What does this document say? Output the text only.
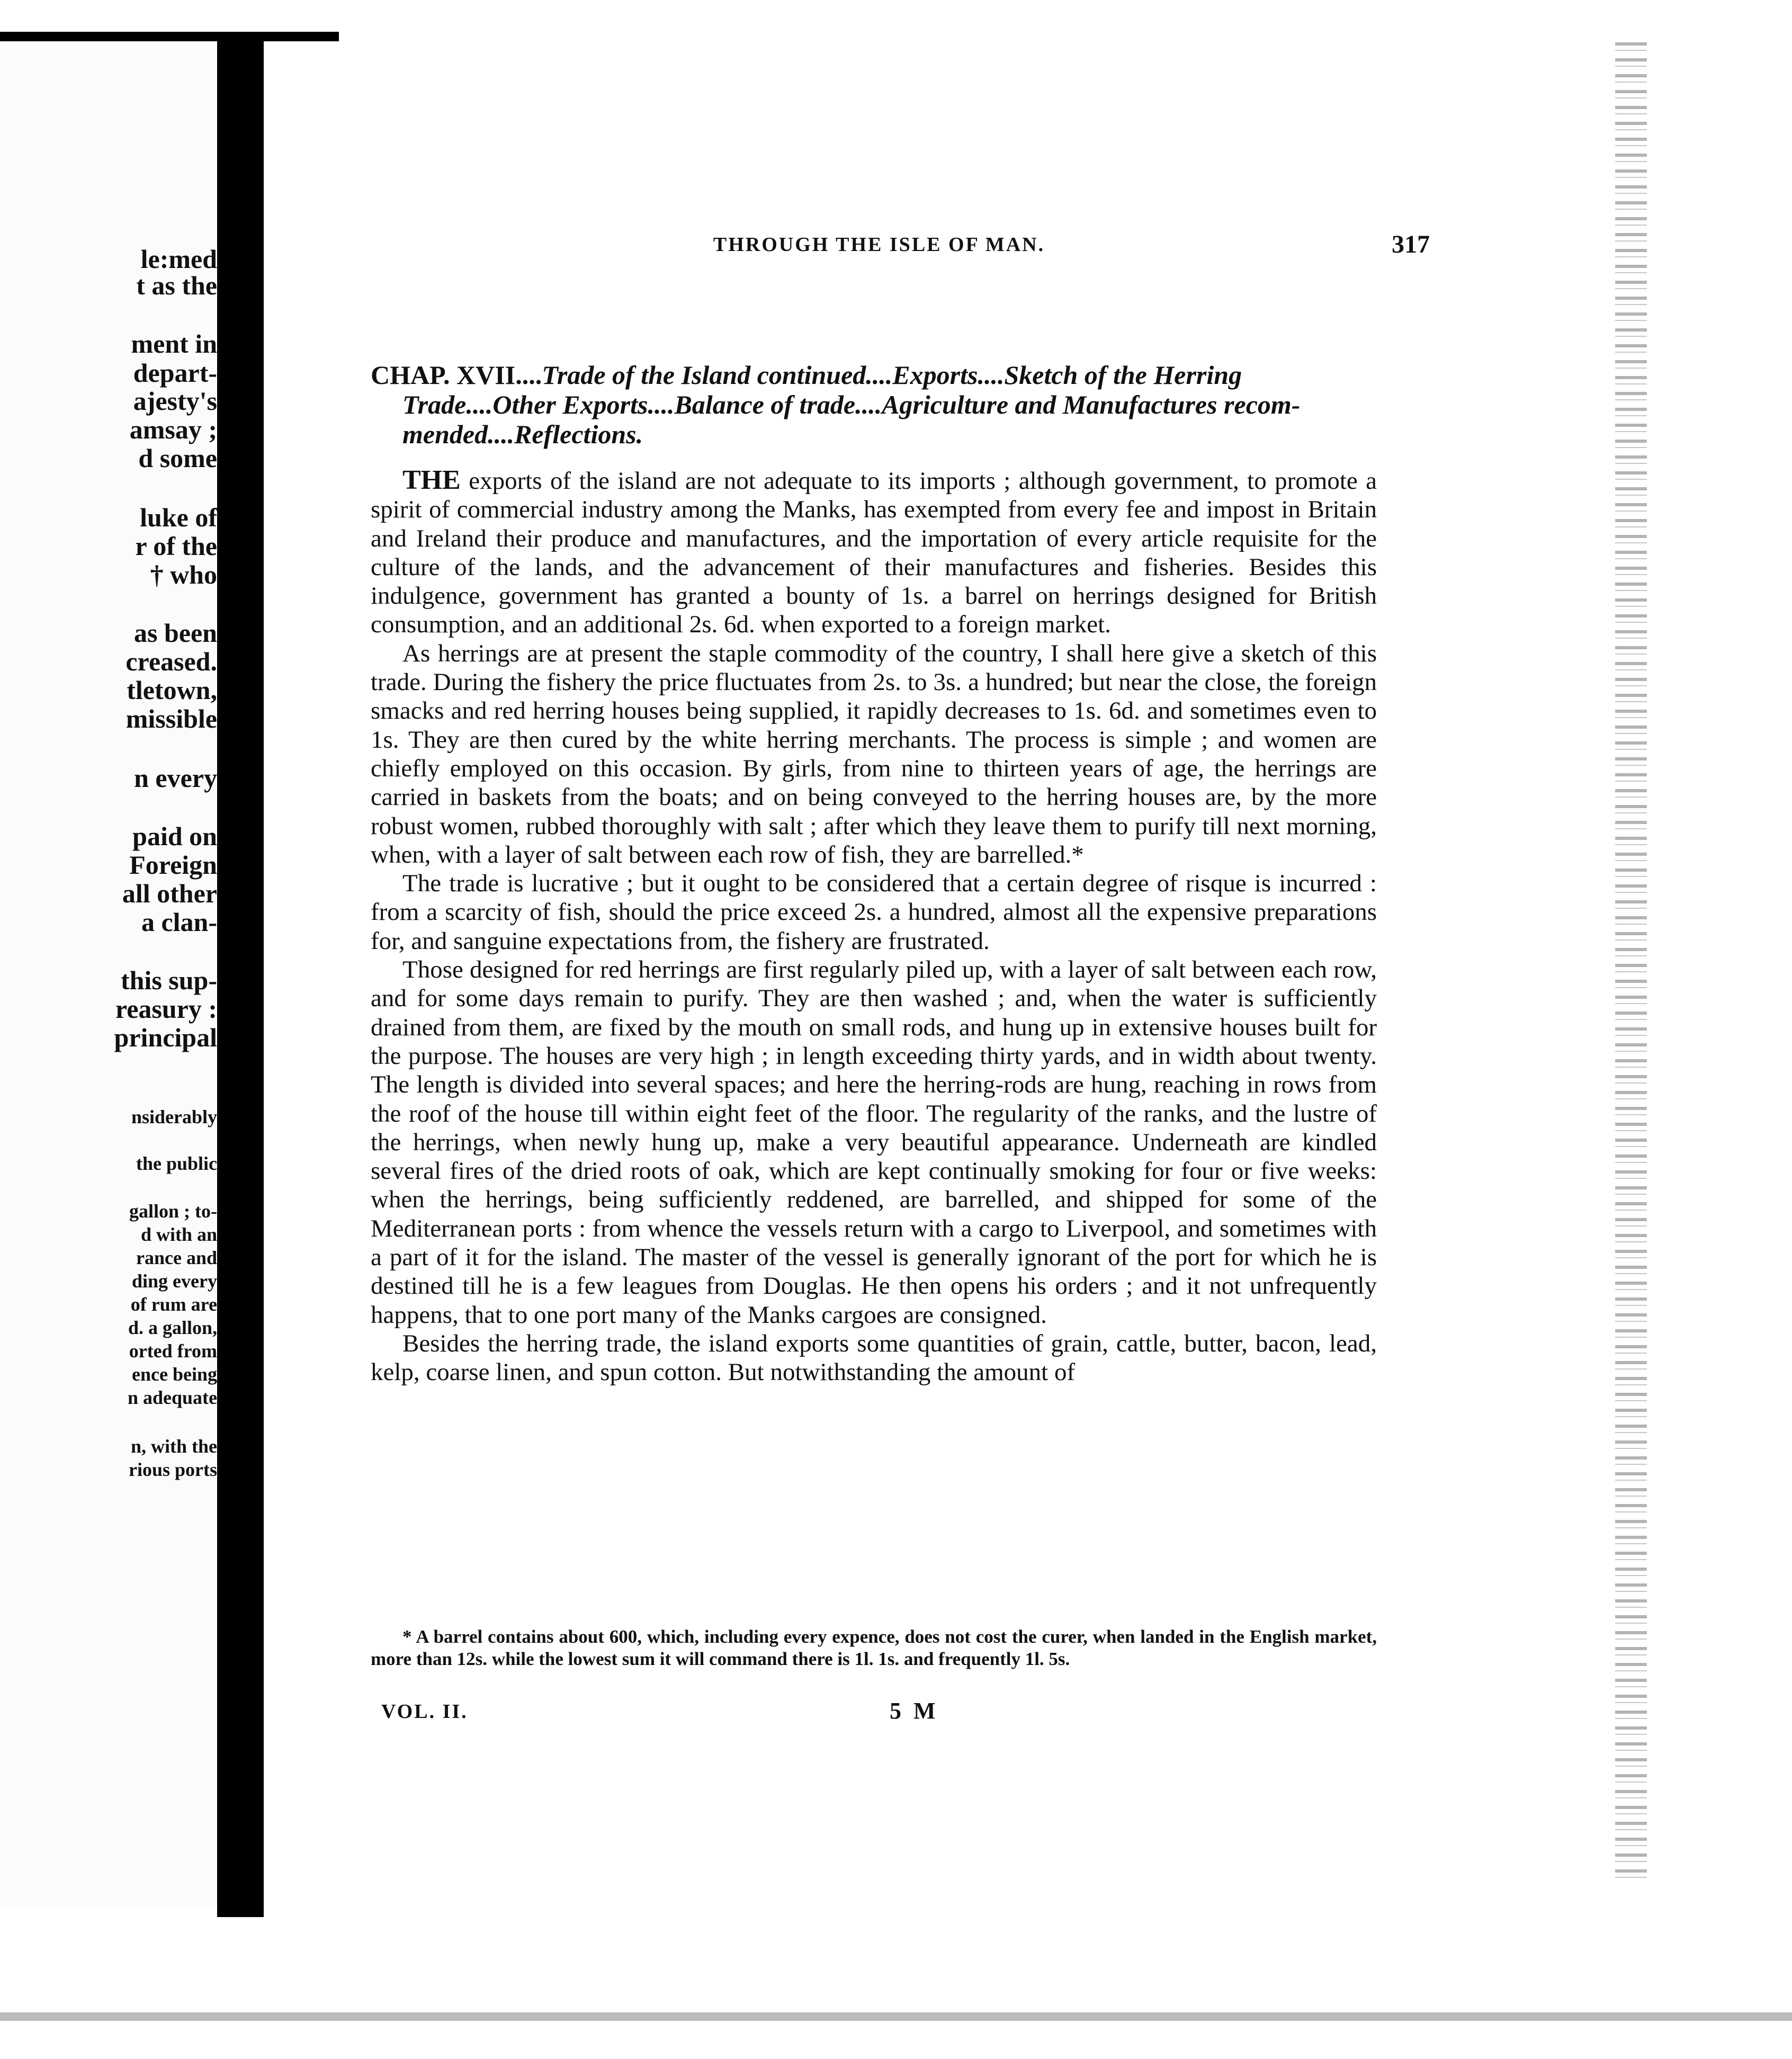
le:med
t as the
ment in
depart-
ajesty's
amsay ;
d some
luke of
r of the
† who
as been
creased.
tletown,
missible
n every
paid on
Foreign
all other
a clan-
this sup-
reasury :
principal
nsiderably
the public
gallon ; to-
d with an
rance and
ding every
of rum are
d. a gallon,
orted from
ence being
n adequate
n, with the
rious ports
THROUGH THE ISLE OF MAN.	317
CHAP. XVII....Trade of the Island continued....Exports....Sketch of the Herring
Trade....Other Exports....Balance of trade....Agriculture and Manufactures recom-
mended....Reflections.

THE exports of the island are not adequate to its imports ; although government, to promote a spirit of commercial industry among the Manks, has exempted from every fee and impost in Britain and Ireland their produce and manufactures, and the importation of every article requisite for the culture of the lands, and the advancement of their manufactures and fisheries. Besides this indulgence, government has granted a bounty of 1s. a barrel on herrings designed for British consumption, and an additional 2s. 6d. when exported to a foreign market.

As herrings are at present the staple commodity of the country, I shall here give a sketch of this trade. During the fishery the price fluctuates from 2s. to 3s. a hundred; but near the close, the foreign smacks and red herring houses being supplied, it rapidly decreases to 1s. 6d. and sometimes even to 1s. They are then cured by the white herring merchants. The process is simple ; and women are chiefly employed on this occasion. By girls, from nine to thirteen years of age, the herrings are carried in baskets from the boats; and on being conveyed to the herring houses are, by the more robust women, rubbed thoroughly with salt ; after which they leave them to purify till next morning, when, with a layer of salt between each row of fish, they are barrelled.*

The trade is lucrative ; but it ought to be considered that a certain degree of risque is incurred : from a scarcity of fish, should the price exceed 2s. a hundred, almost all the expensive preparations for, and sanguine expectations from, the fishery are frustrated.

Those designed for red herrings are first regularly piled up, with a layer of salt between each row, and for some days remain to purify. They are then washed ; and, when the water is sufficiently drained from them, are fixed by the mouth on small rods, and hung up in extensive houses built for the purpose. The houses are very high ; in length exceeding thirty yards, and in width about twenty. The length is divided into several spaces; and here the herring-rods are hung, reaching in rows from the roof of the house till within eight feet of the floor. The regularity of the ranks, and the lustre of the herrings, when newly hung up, make a very beautiful appearance. Underneath are kindled several fires of the dried roots of oak, which are kept continually smoking for four or five weeks: when the herrings, being sufficiently reddened, are barrelled, and shipped for some of the Mediterranean ports : from whence the vessels return with a cargo to Liverpool, and sometimes with a part of it for the island. The master of the vessel is generally ignorant of the port for which he is destined till he is a few leagues from Douglas. He then opens his orders ; and it not unfrequently happens, that to one port many of the Manks cargoes are consigned.

Besides the herring trade, the island exports some quantities of grain, cattle, butter, bacon, lead, kelp, coarse linen, and spun cotton. But notwithstanding the amount of

* A barrel contains about 600, which, including every expence, does not cost the curer, when landed in the English market, more than 12s. while the lowest sum it will command there is 1l. 1s. and frequently 1l. 5s.

VOL. II.	5 M
